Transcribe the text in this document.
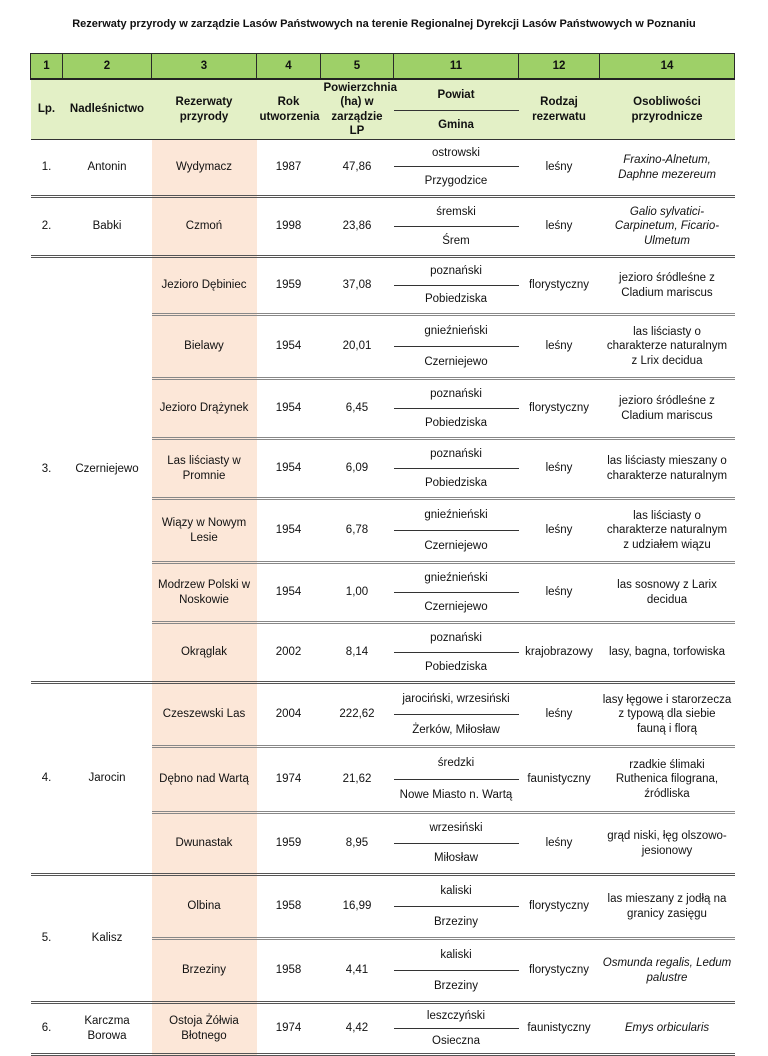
Rezerwaty przyrody w zarządzie Lasów Państwowych na terenie Regionalnej Dyrekcji Lasów Państwowych w Poznaniu
1	2	3	4	5	11	12	14
Lp.	Nadleśnictwo	Rezerwaty przyrody	Rok utworzenia	Powierzchnia (ha) w zarządzie LP	Powiat	Rodzaj rezerwatu	Osobliwości przyrodnicze
					Gmina		
1.	Antonin	Wydymacz	1987	47,86	ostrowski	leśny	Fraxino-Alnetum, Daphne mezereum
					Przygodzice		
2.	Babki	Czmoń	1998	23,86	śremski	leśny	Galio sylvatici-Carpinetum, Ficario-Ulmetum
					Śrem		
3.	Czerniejewo	Jezioro Dębiniec	1959	37,08	poznański	florystyczny	jezioro śródleśne z Cladium mariscus
					Pobiedziska		
		Bielawy	1954	20,01	gnieźnieński	leśny	las liściasty o charakterze naturalnym z Lrix decidua
					Czerniejewo		
		Jezioro Drążynek	1954	6,45	poznański	florystyczny	jezioro śródleśne z Cladium mariscus
					Pobiedziska		
		Las liściasty w Promnie	1954	6,09	poznański	leśny	las liściasty mieszany o charakterze naturalnym
					Pobiedziska		
		Wiązy w Nowym Lesie	1954	6,78	gnieźnieński	leśny	las liściasty o charakterze naturalnym z udziałem wiązu
					Czerniejewo		
		Modrzew Polski w Noskowie	1954	1,00	gnieźnieński	leśny	las sosnowy z Larix decidua
					Czerniejewo		
		Okrąglak	2002	8,14	poznański	krajobrazowy	lasy, bagna, torfowiska
					Pobiedziska		
4.	Jarocin	Czeszewski Las	2004	222,62	jarociński, wrzesiński	leśny	lasy łęgowe i starorzecza z typową dla siebie fauną i florą
					Żerków, Miłosław		
		Dębno nad Wartą	1974	21,62	średzki	faunistyczny	rzadkie ślimaki Ruthenica filograna, źródliska
					Nowe Miasto n. Wartą		
		Dwunastak	1959	8,95	wrzesiński	leśny	grąd niski, łęg olszowo-jesionowy
					Miłosław		
5.	Kalisz	Olbina	1958	16,99	kaliski	florystyczny	las mieszany z jodłą na granicy zasięgu
					Brzeziny		
		Brzeziny	1958	4,41	kaliski	florystyczny	Osmunda regalis, Ledum palustre
					Brzeziny		
6.	Karczma Borowa	Ostoja Żółwia Błotnego	1974	4,42	leszczyński	faunistyczny	Emys orbicularis
					Osieczna		
